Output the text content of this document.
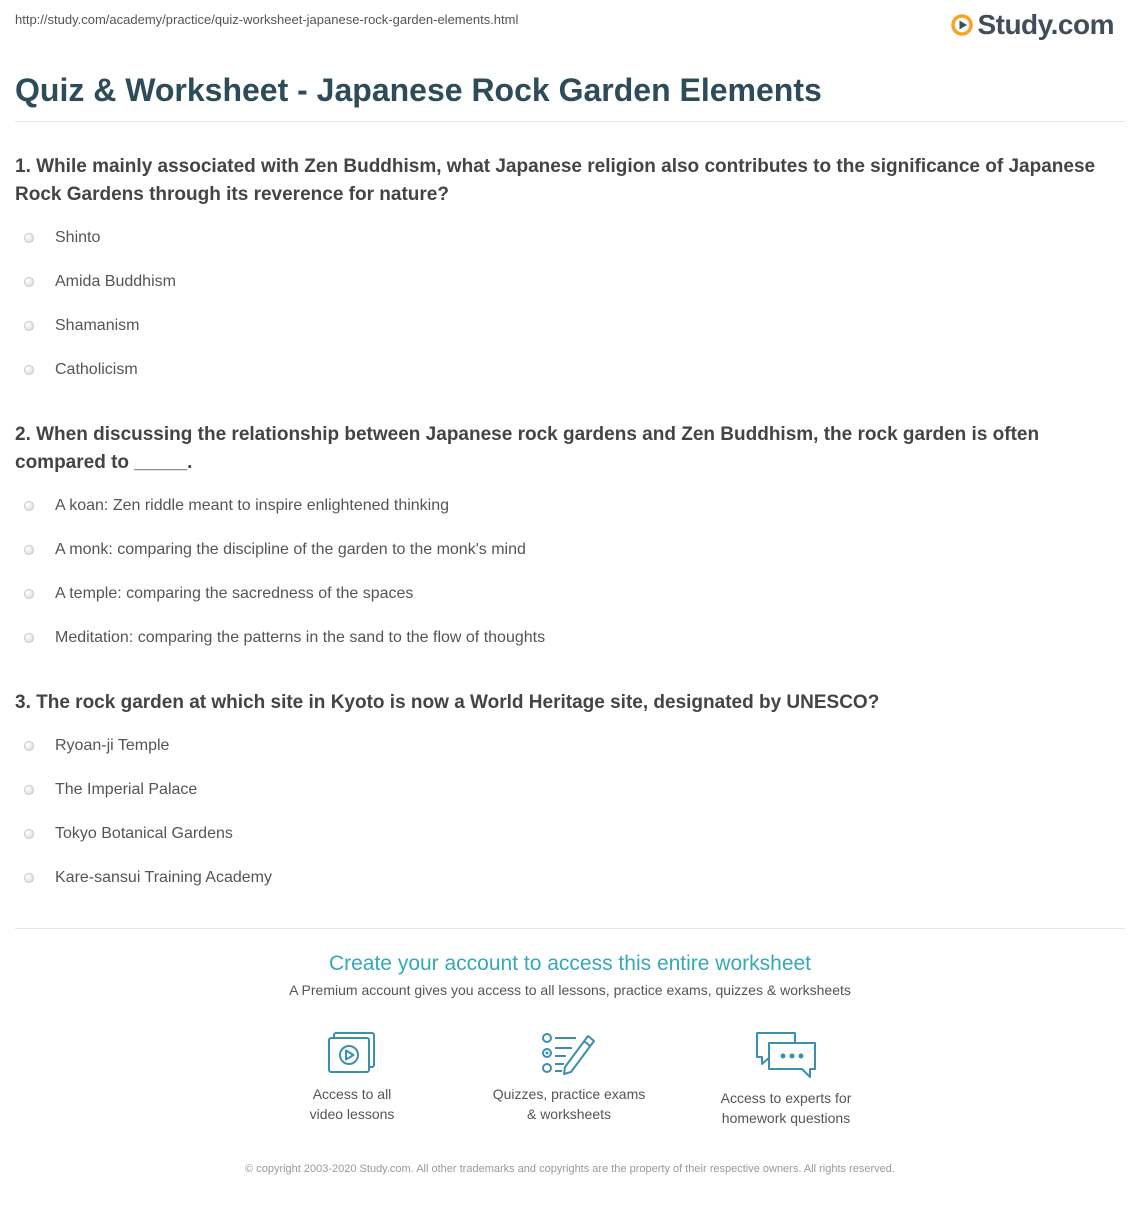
http://study.com/academy/practice/quiz-worksheet-japanese-rock-garden-elements.html	Study.com
Quiz & Worksheet - Japanese Rock Garden Elements

1. While mainly associated with Zen Buddhism, what Japanese religion also contributes to the significance of Japanese Rock Gardens through its reverence for nature?

Shinto
Amida Buddhism
Shamanism
Catholicism

2. When discussing the relationship between Japanese rock gardens and Zen Buddhism, the rock garden is often compared to _____.

A koan: Zen riddle meant to inspire enlightened thinking
A monk: comparing the discipline of the garden to the monk's mind
A temple: comparing the sacredness of the spaces
Meditation: comparing the patterns in the sand to the flow of thoughts

3. The rock garden at which site in Kyoto is now a World Heritage site, designated by UNESCO?

Ryoan-ji Temple
The Imperial Palace
Tokyo Botanical Gardens
Kare-sansui Training Academy
Create your account to access this entire worksheet
A Premium account gives you access to all lessons, practice exams, quizzes & worksheets
Access to all
video lessons
Quizzes, practice exams
& worksheets
Access to experts for
homework questions
© copyright 2003-2020 Study.com. All other trademarks and copyrights are the property of their respective owners. All rights reserved.
